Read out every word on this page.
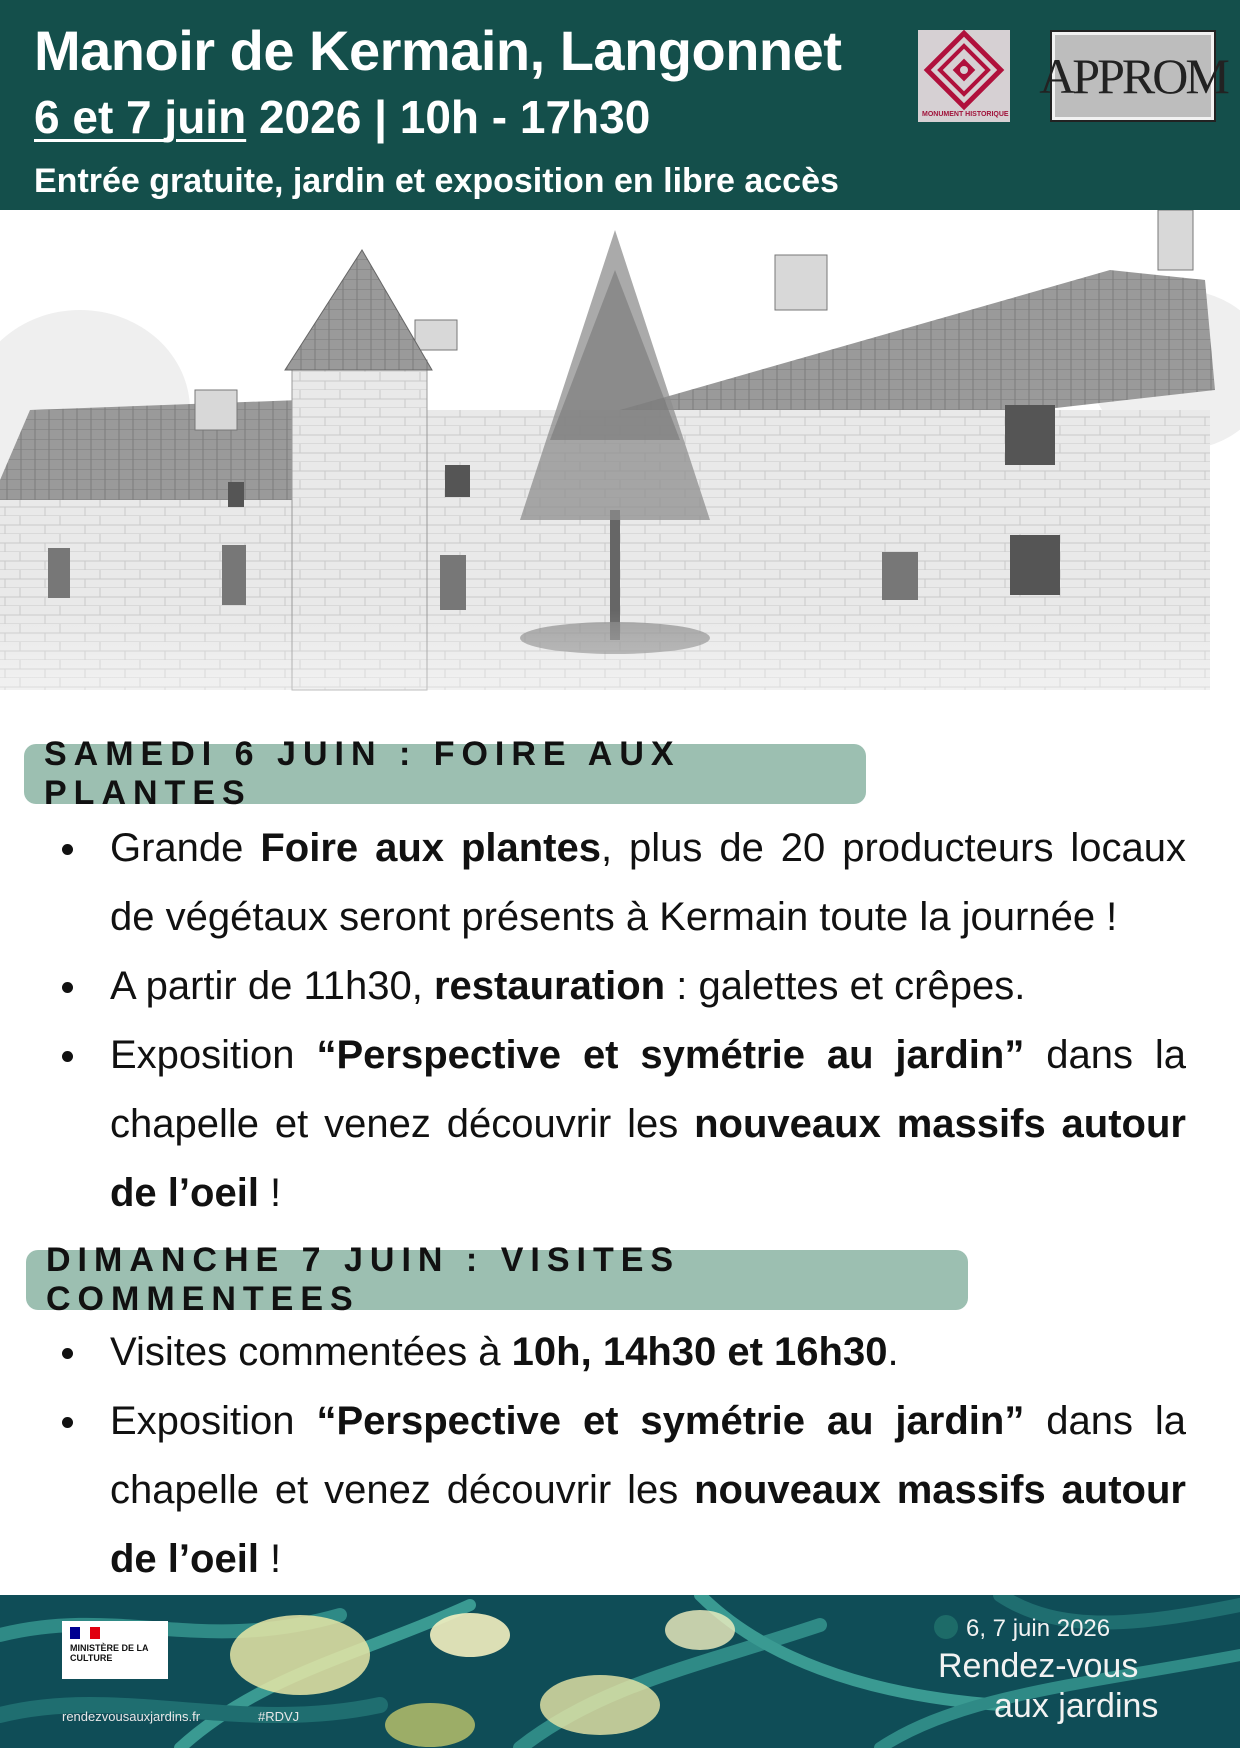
Manoir de Kermain, Langonnet
6 et 7 juin 2026 | 10h - 17h30
Entrée gratuite, jardin et exposition en libre accès
MONUMENT HISTORIQUE
APPROM
SAMEDI 6 JUIN : FOIRE AUX PLANTES
Grande Foire aux plantes, plus de 20 producteurs locaux de végétaux seront présents à Kermain toute la journée !
A partir de 11h30, restauration : galettes et crêpes.
Exposition “Perspective et symétrie au jardin” dans la chapelle et venez découvrir les nouveaux massifs autour de l’oeil !
DIMANCHE 7 JUIN : VISITES COMMENTEES
Visites commentées à 10h, 14h30 et 16h30.
Exposition “Perspective et symétrie au jardin” dans la chapelle et venez découvrir les nouveaux massifs autour de l’oeil !
MINISTÈRE DE LA CULTURE
rendezvousauxjardins.fr	#RDVJ
6, 7 juin 2026
Rendez-vous
aux jardins
